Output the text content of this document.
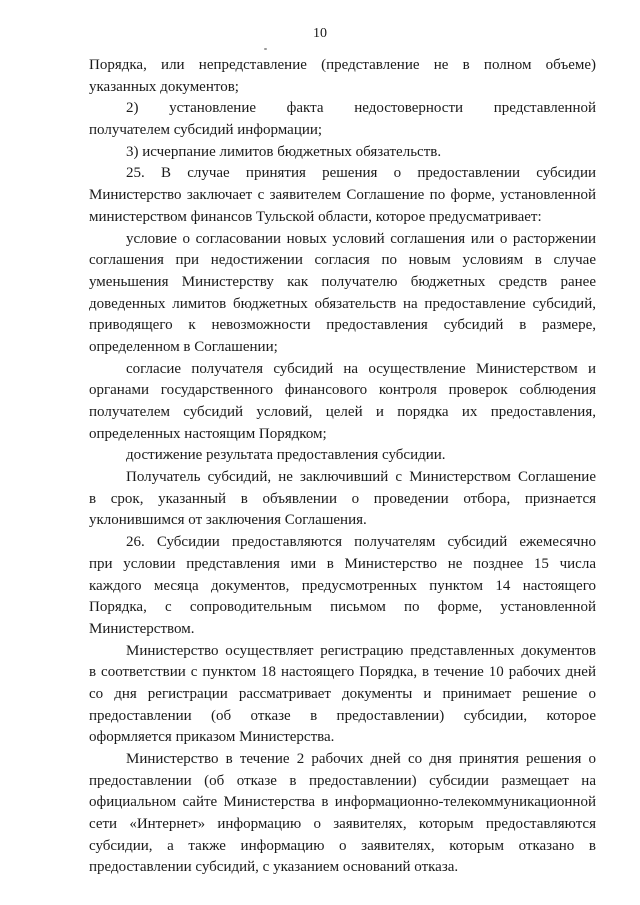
10
Порядка, или непредставление (представление не в полном объеме)
указанных документов;
2) установление факта недостоверности представленной
получателем субсидий информации;
3) исчерпание лимитов бюджетных обязательств.
25. В случае принятия решения о предоставлении субсидии
Министерство заключает с заявителем Соглашение по форме, установленной
министерством финансов Тульской области, которое предусматривает:
условие о согласовании новых условий соглашения или о расторжении
соглашения при недостижении согласия по новым условиям в случае
уменьшения Министерству как получателю бюджетных средств ранее
доведенных лимитов бюджетных обязательств на предоставление субсидий,
приводящего к невозможности предоставления субсидий в размере,
определенном в Соглашении;
согласие получателя субсидий на осуществление Министерством и
органами государственного финансового контроля проверок соблюдения
получателем субсидий условий, целей и порядка их предоставления,
определенных настоящим Порядком;
достижение результата предоставления субсидии.
Получатель субсидий, не заключивший с Министерством Соглашение
в срок, указанный в объявлении о проведении отбора, признается
уклонившимся от заключения Соглашения.
26. Субсидии предоставляются получателям субсидий ежемесячно
при условии представления ими в Министерство не позднее 15 числа
каждого месяца документов, предусмотренных пунктом 14 настоящего
Порядка, с сопроводительным письмом по форме, установленной
Министерством.
Министерство осуществляет регистрацию представленных документов
в соответствии с пунктом 18 настоящего Порядка, в течение 10 рабочих дней
со дня регистрации рассматривает документы и принимает решение о
предоставлении (об отказе в предоставлении) субсидии, которое
оформляется приказом Министерства.
Министерство в течение 2 рабочих дней со дня принятия решения о
предоставлении (об отказе в предоставлении) субсидии размещает на
официальном сайте Министерства в информационно-телекоммуникационной
сети «Интернет» информацию о заявителях, которым предоставляются
субсидии, а также информацию о заявителях, которым отказано в
предоставлении субсидий, с указанием оснований отказа.
